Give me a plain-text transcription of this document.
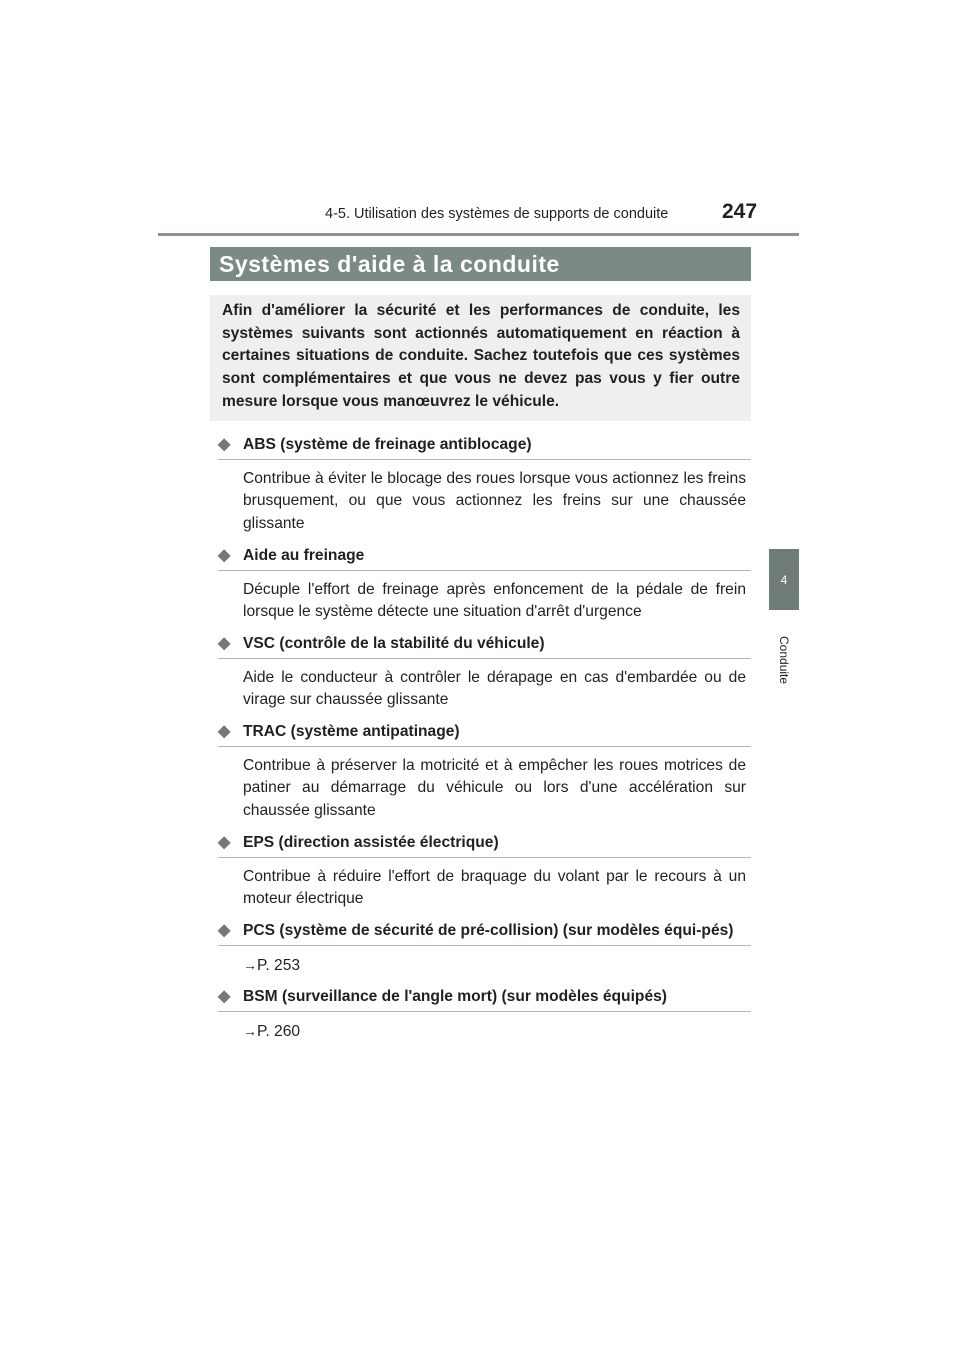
4-5. Utilisation des systèmes de supports de conduite	247
4
Conduite
Systèmes d'aide à la conduite
Afin d'améliorer la sécurité et les performances de conduite, les systèmes suivants sont actionnés automatiquement en réaction à certaines situations de conduite. Sachez toutefois que ces systèmes sont complémentaires et que vous ne devez pas vous y fier outre mesure lorsque vous manœuvrez le véhicule.
◆ ABS (système de freinage antiblocage)
Contribue à éviter le blocage des roues lorsque vous actionnez les freins brusquement, ou que vous actionnez les freins sur une chaussée glissante
◆ Aide au freinage
Décuple l'effort de freinage après enfoncement de la pédale de frein lorsque le système détecte une situation d'arrêt d'urgence
◆ VSC (contrôle de la stabilité du véhicule)
Aide le conducteur à contrôler le dérapage en cas d'embardée ou de virage sur chaussée glissante
◆ TRAC (système antipatinage)
Contribue à préserver la motricité et à empêcher les roues motrices de patiner au démarrage du véhicule ou lors d'une accélération sur chaussée glissante
◆ EPS (direction assistée électrique)
Contribue à réduire l'effort de braquage du volant par le recours à un moteur électrique
◆ PCS (système de sécurité de pré-collision) (sur modèles équi-pés)
→P. 253
◆ BSM (surveillance de l'angle mort) (sur modèles équipés)
→P. 260
